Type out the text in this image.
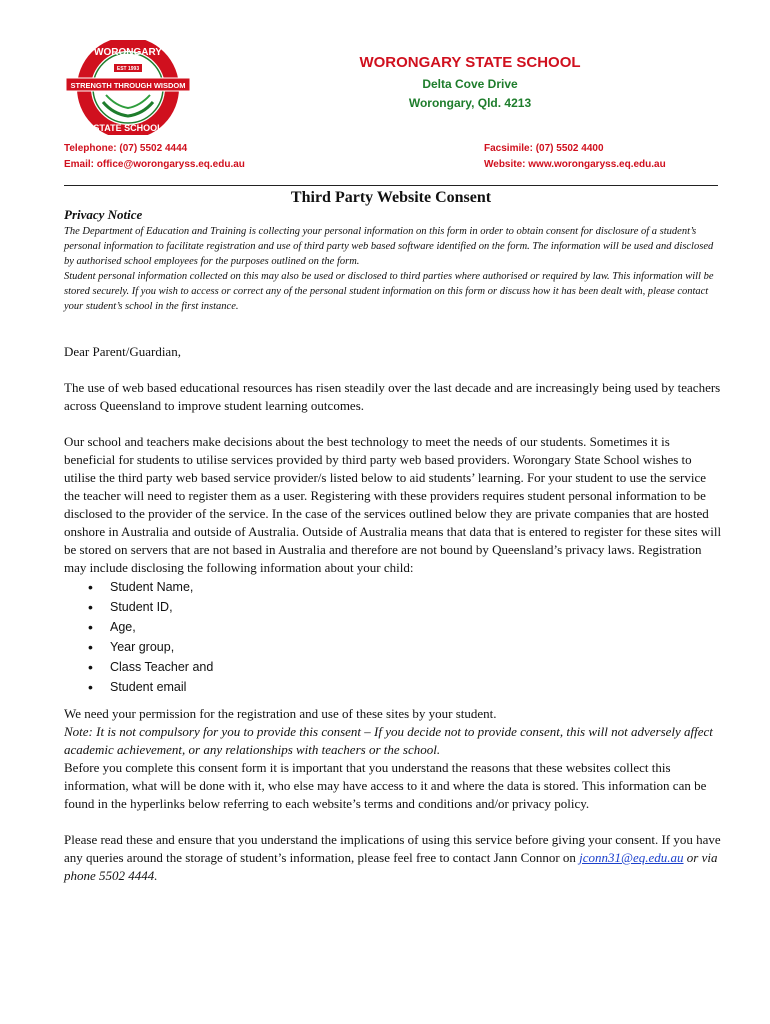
STRENGTH THROUGH WISDOM
EST 1993
WORONGARY
STATE SCHOOL
WORONGARY STATE SCHOOL
Delta Cove Drive
Worongary, Qld. 4213
Telephone: (07) 5502 4444
Email: office@worongaryss.eq.edu.au
Facsimile: (07) 5502 4400
Website: www.worongaryss.eq.edu.au
Third Party Website Consent
Privacy Notice

The Department of Education and Training is collecting your personal information on this form in order to obtain consent for disclosure of a student’s personal information to facilitate registration and use of third party web based software identified on the form. The information will be used and disclosed by authorised school employees for the purposes outlined on the form.

Student personal information collected on this may also be used or disclosed to third parties where authorised or required by law. This information will be stored securely. If you wish to access or correct any of the personal student information on this form or discuss how it has been dealt with, please contact your student’s school in the first instance.

Dear Parent/Guardian,

The use of web based educational resources has risen steadily over the last decade and are increasingly being used by teachers across Queensland to improve student learning outcomes.

Our school and teachers make decisions about the best technology to meet the needs of our students. Sometimes it is beneficial for students to utilise services provided by third party web based providers. Worongary State School wishes to utilise the third party web based service provider/s listed below to aid students’ learning. For your student to use the service the teacher will need to register them as a user. Registering with these providers requires student personal information to be disclosed to the provider of the service. In the case of the services outlined below they are private companies that are hosted onshore in Australia and outside of Australia. Outside of Australia means that data that is entered to register for these sites will be stored on servers that are not based in Australia and therefore are not bound by Queensland’s privacy laws. Registration may include disclosing the following information about your child:

• Student Name,
• Student ID,
• Age,
• Year group,
• Class Teacher and
• Student email

We need your permission for the registration and use of these sites by your student.

Note: It is not compulsory for you to provide this consent – If you decide not to provide consent, this will not adversely affect academic achievement, or any relationships with teachers or the school.

Before you complete this consent form it is important that you understand the reasons that these websites collect this information, what will be done with it, who else may have access to it and where the data is stored. This information can be found in the hyperlinks below referring to each website’s terms and conditions and/or privacy policy.

Please read these and ensure that you understand the implications of using this service before giving your consent. If you have any queries around the storage of student’s information, please feel free to contact Jann Connor on jconn31@eq.edu.au or via phone 5502 4444.
